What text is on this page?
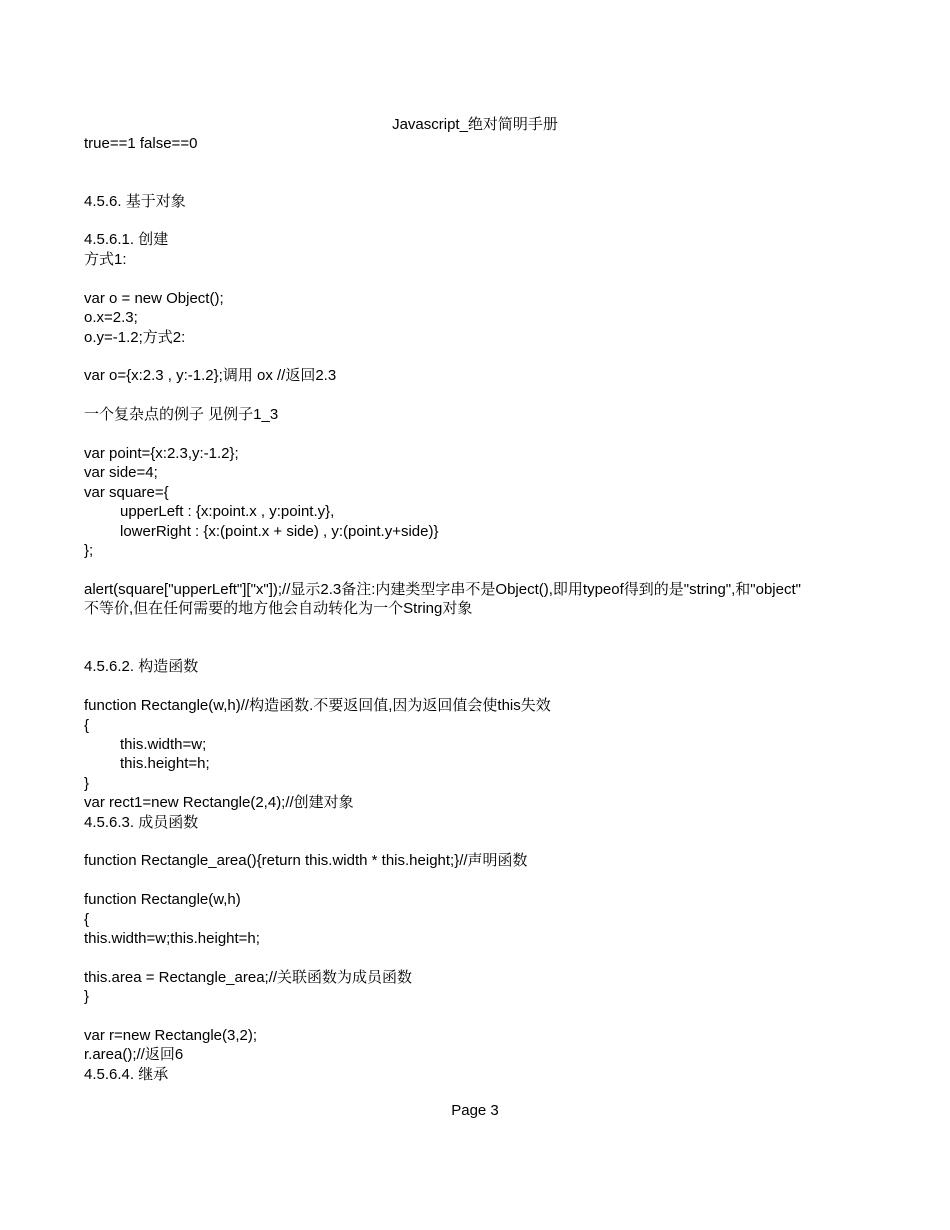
Javascript_绝对简明手册
true==1 false==0
4.5.6. 基于对象
4.5.6.1. 创建
方式1:
var o = new Object();
o.x=2.3;
o.y=-1.2;方式2:
var o={x:2.3 , y:-1.2};调用 ox //返回2.3
一个复杂点的例子 见例子1_3
var point={x:2.3,y:-1.2};
var side=4;
var square={
upperLeft : {x:point.x , y:point.y},
lowerRight : {x:(point.x + side) , y:(point.y+side)}
};
alert(square["upperLeft"]["x"]);//显示2.3备注:内建类型字串不是Object(),即用typeof得到的是"string",和"object"
不等价,但在任何需要的地方他会自动转化为一个String对象
4.5.6.2. 构造函数
function Rectangle(w,h)//构造函数.不要返回值,因为返回值会使this失效
{
this.width=w;
this.height=h;
}
var rect1=new Rectangle(2,4);//创建对象
4.5.6.3. 成员函数
function Rectangle_area(){return this.width * this.height;}//声明函数
function Rectangle(w,h)
{
this.width=w;this.height=h;
this.area = Rectangle_area;//关联函数为成员函数
}
var r=new Rectangle(3,2);
r.area();//返回6
4.5.6.4. 继承
Page 3
